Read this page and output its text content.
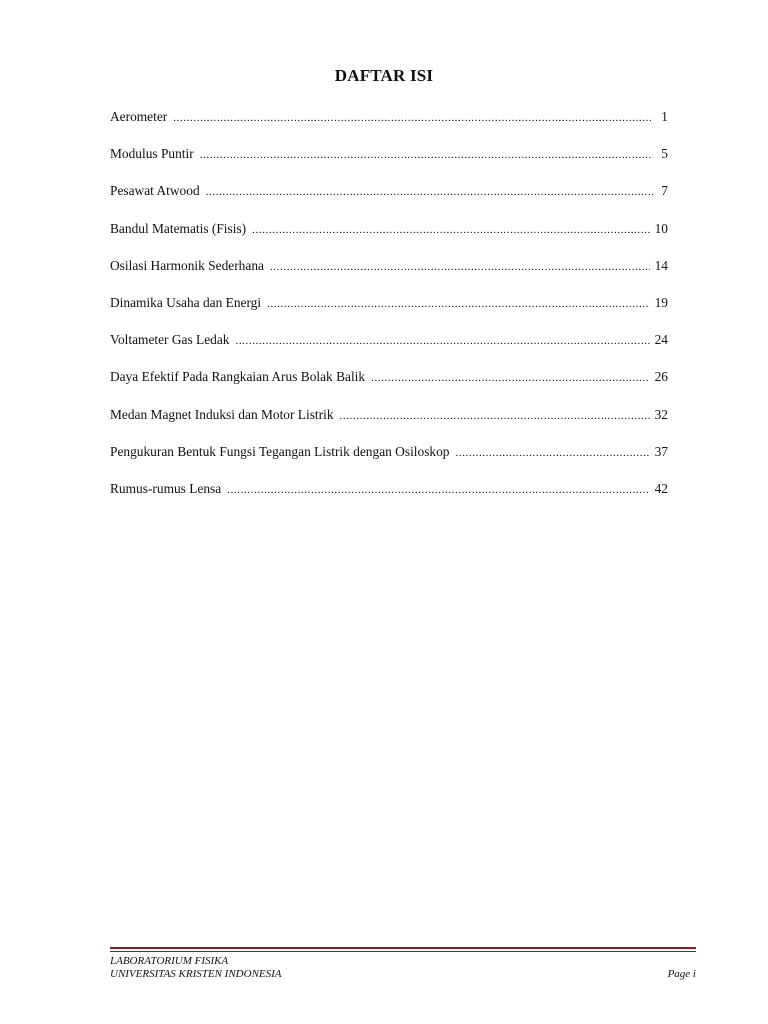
DAFTAR ISI
Aerometer .....	1
Modulus Puntir .....	5
Pesawat Atwood .....	7
Bandul Matematis (Fisis) .....	10
Osilasi Harmonik Sederhana .....	14
Dinamika Usaha dan Energi .....	19
Voltameter Gas Ledak .....	24
Daya Efektif Pada Rangkaian Arus Bolak Balik .....	26
Medan Magnet Induksi dan Motor Listrik .....	32
Pengukuran Bentuk Fungsi Tegangan Listrik dengan Osiloskop .....	37
Rumus-rumus Lensa .....	42
LABORATORIUM FISIKA
UNIVERSITAS KRISTEN INDONESIA	Page i
